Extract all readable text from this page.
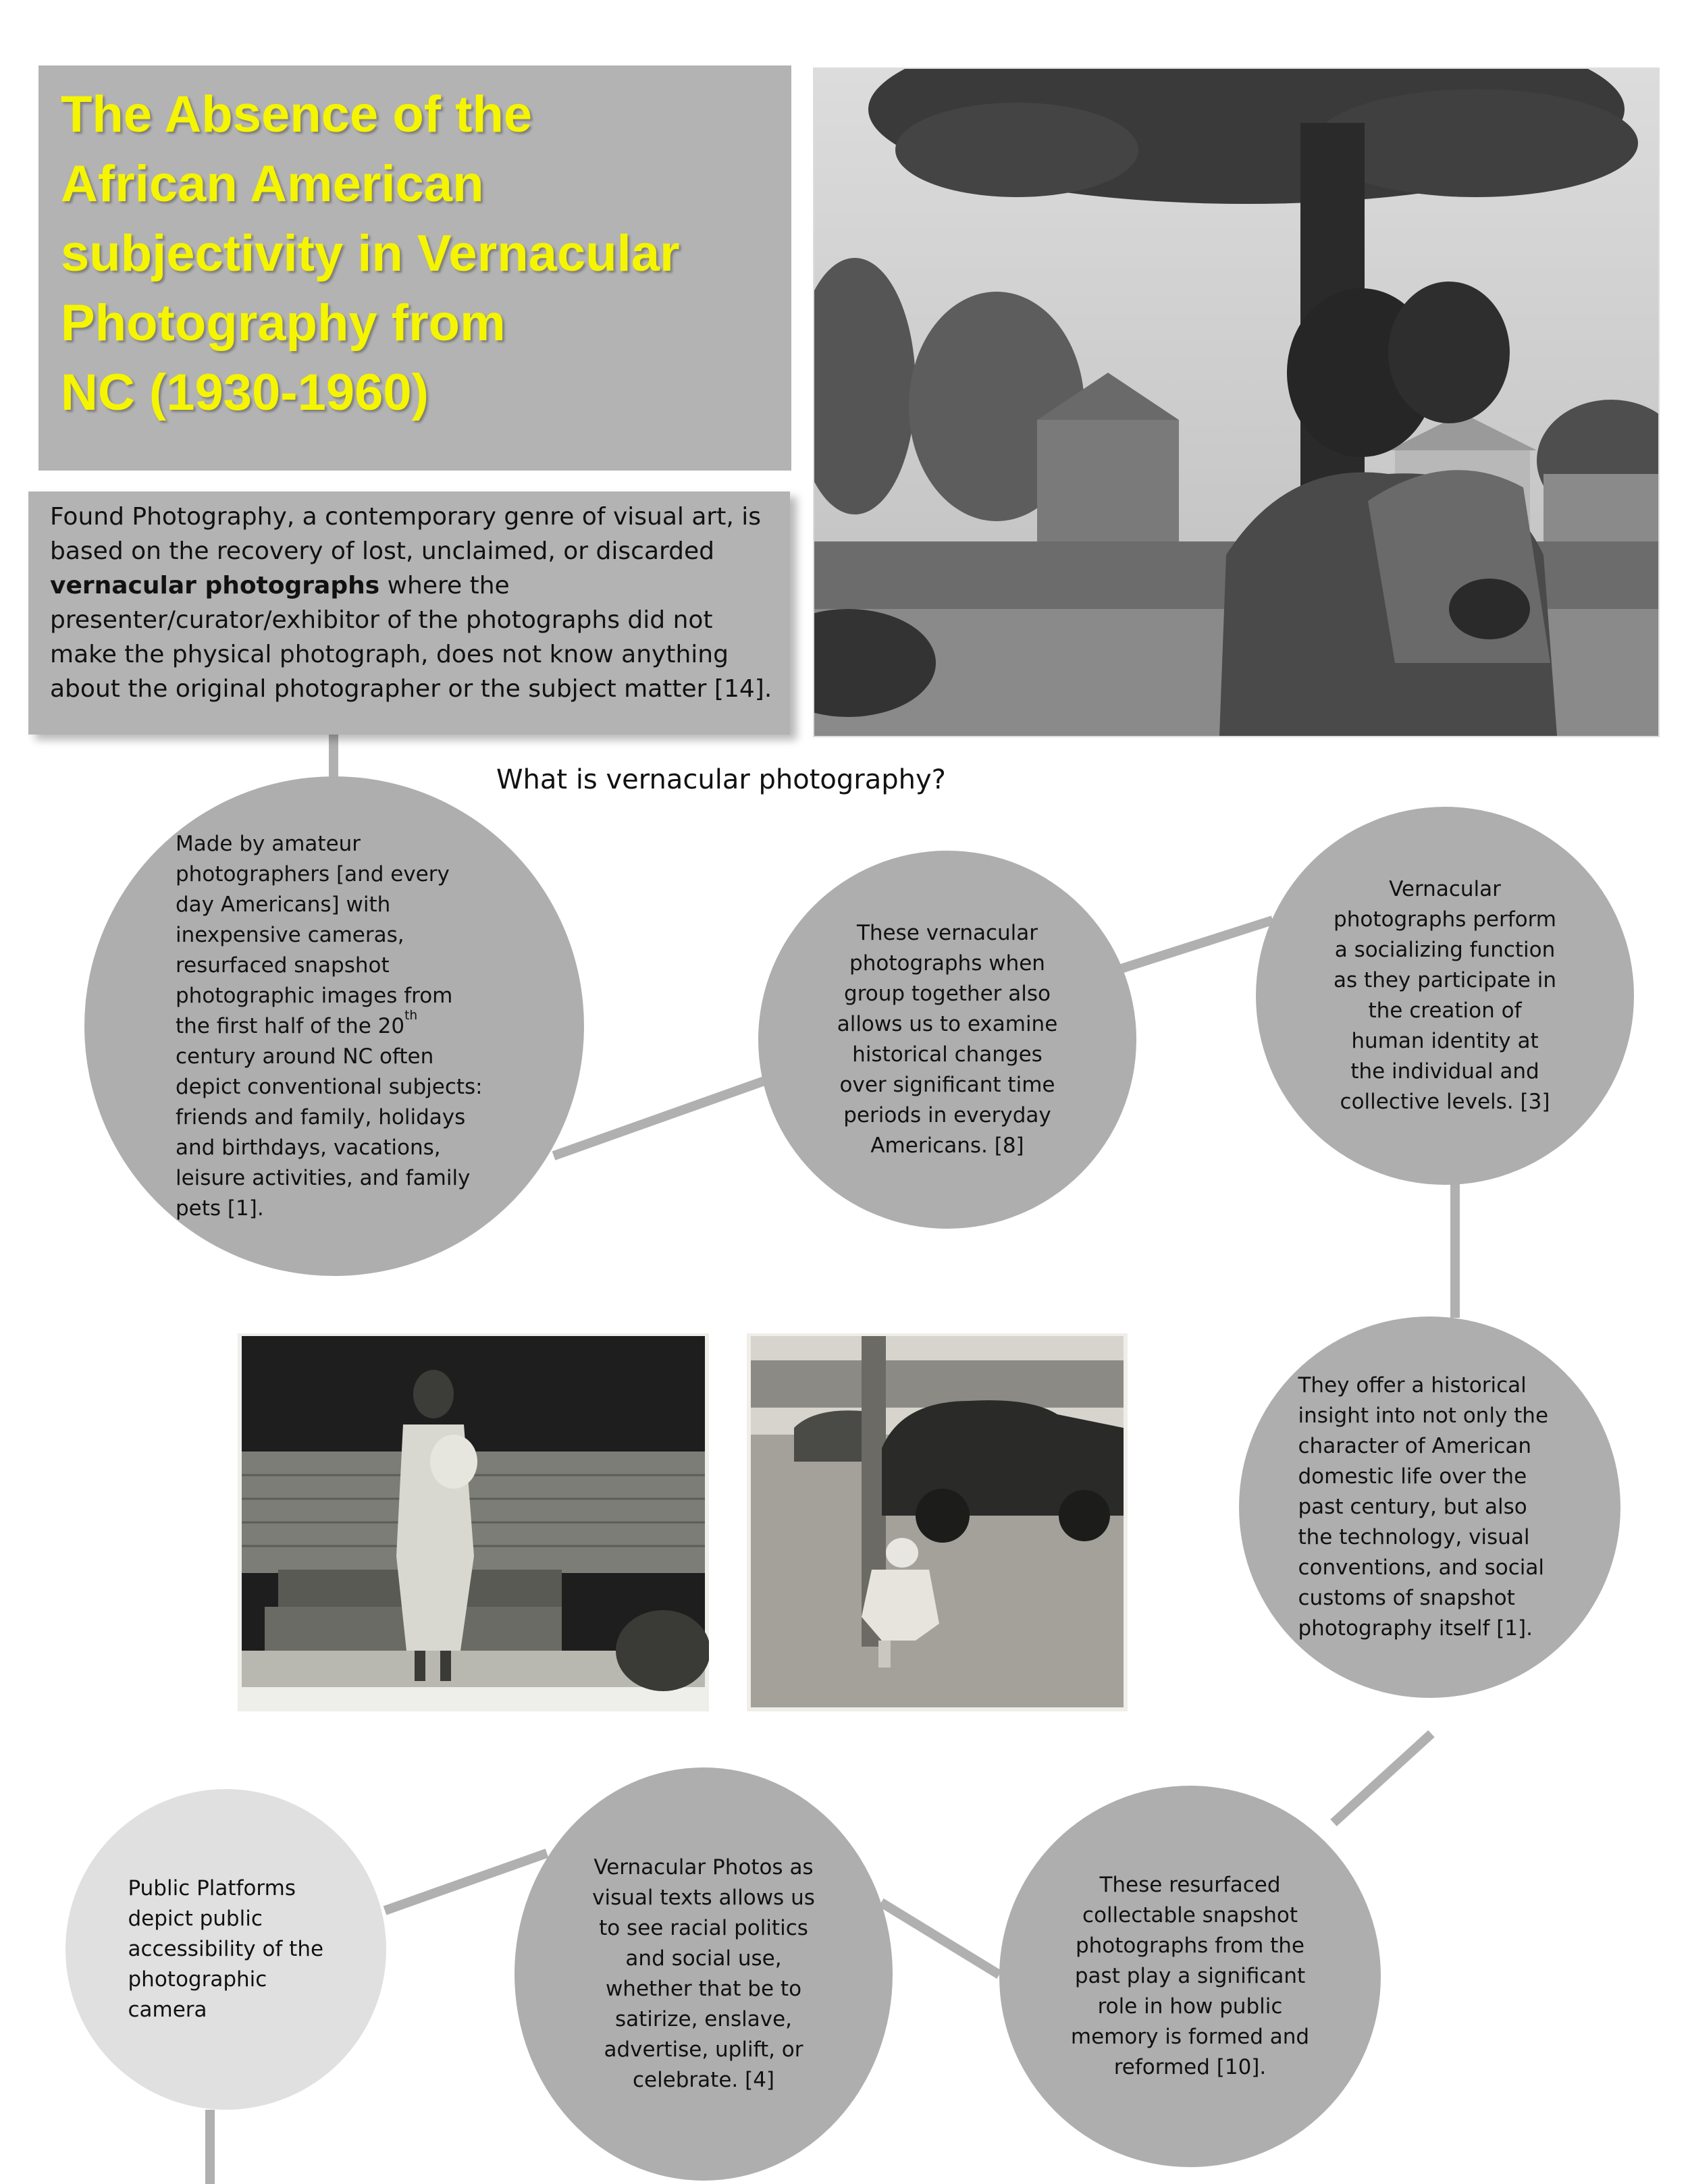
The Absence of the
African American
subjectivity in Vernacular
Photography from
NC (1930-1960)
Found Photography, a contemporary genre of visual art, is based on the recovery of lost, unclaimed, or discarded vernacular photographs where the presenter/curator/exhibitor of the photographs did not make the physical photograph, does not know anything about the original photographer or the subject matter [14].
What is vernacular photography?
Made by amateur photographers [and every day Americans] with inexpensive cameras, resurfaced snapshot photographic images from the first half of the 20th century around NC often depict conventional subjects: friends and family, holidays and birthdays, vacations, leisure activities, and family pets [1].
These vernacular photographs when group together also allows us to examine historical changes over significant time periods in everyday Americans. [8]
Vernacular photographs perform a socializing function as they participate in the creation of human identity at the individual and collective levels. [3]
They offer a historical insight into not only the character of American domestic life over the past century, but also the technology, visual conventions, and social customs of snapshot photography itself [1].
These resurfaced collectable snapshot photographs from the past play a significant role in how public memory is formed and reformed [10].
Vernacular Photos as visual texts allows us to see racial politics and social use, whether that be to satirize, enslave, advertise, uplift, or celebrate. [4]
Public Platforms depict public accessibility of the photographic camera
